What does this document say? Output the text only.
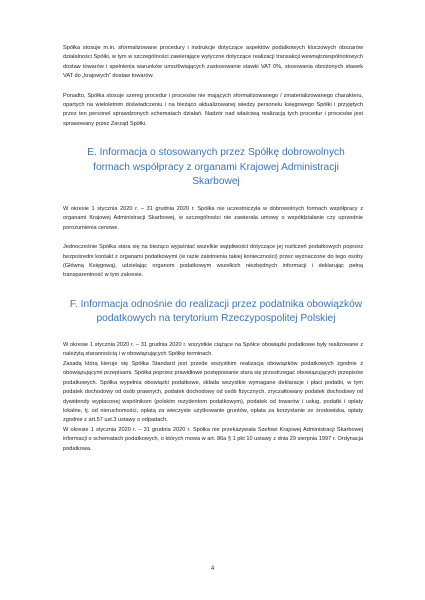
Spółka stosuje m.in. sformalizowane procedury i instrukcje dotyczące aspektów podatkowych kluczowych obszarów działalności Spółki, w tym w szczególności zawierające wytyczne dotyczące realizacji transakcji wewnątrzwspólnotowych dostaw towarów i spełnienia warunków umożliwiających zastosowanie stawki VAT 0%, stosowania obniżonych stawek VAT do „krajowych” dostaw towarów.

Ponadto, Spółka stosuje szereg procedur i procesów nie mających sformalizowanego / zmaterializowanego charakteru, opartych na wieloletnim doświadczeniu i na bieżąco aktualizowanej wiedzy personelu księgowego Spółki i przyjętych przez ten personel sprawdzonych schematach działań. Nadzór nad właściwą realizacją tych procedur i procesów jest sprawowany przez Zarząd Spółki.

E. Informacja o stosowanych przez Spółkę dobrowolnych formach współpracy z organami Krajowej Administracji Skarbowej

W okresie 1 stycznia 2020 r. – 31 grudnia 2020 r. Spółka nie uczestniczyła w dobrowolnych formach współpracy z organami Krajowej Administracji Skarbowej, w szczególności nie zawierała umowy o współdziałanie czy uprzednie porozumienia cenowe.

Jednocześnie Spółka stara się na bieżąco wyjaśniać wszelkie wątpliwości dotyczące jej rozliczeń podatkowych poprzez bezpośredni kontakt z organami podatkowymi (w razie zaistnienia takiej konieczności) przez wyznaczone do tego osoby (Główną Księgową), udzielając organom podatkowym wszelkich niezbędnych informacji i deklarując pełną transparentność w tym zakresie.

F. Informacja odnośnie do realizacji przez podatnika obowiązków podatkowych na terytorium Rzeczypospolitej Polskiej

W okresie 1 stycznia 2020 r. – 31 grudnia 2020 r. wszystkie ciążące na Spółce obowiązki podatkowe były realizowane z należytą starannością i w obowiązujących Spółkę terminach.

Zasadą którą kieruje się Spółka Standard jest przede wszystkim realizacja obowiązków podatkowych zgodnie z obowiązującymi przepisami. Spółka poprzez prawidłowe postępowanie stara się przestrzegać obowiązujących przepisów podatkowych. Spółka wypełnia obowiązki podatkowe, składa wszystkie wymagane deklaracje i płaci podatki, w tym podatek dochodowy od osób prawnych, podatek dochodowy od osób fizycznych, zryczałtowany podatek dochodowy od dywidendy wypłaconej wspólnikom (polskim rezydentom podatkowym), podatek od towarów i usług, podatki i opłaty lokalne, tj. od nieruchomości, opłatą za wieczyste użytkowanie gruntów, opłata za korzystanie ze środowiska, opłaty zgodnie z art.57 ust.3 ustawy o odpadach.

W okresie 1 stycznia 2020 r. – 31 grudnia 2020 r. Spółka nie przekazywała Szefowi Krajowej Administracji Skarbowej informacji o schematach podatkowych, o których mowa w art. 86a § 1 pkt 10 ustawy z dnia 29 sierpnia 1997 r. Ordynacja podatkowa.

4
